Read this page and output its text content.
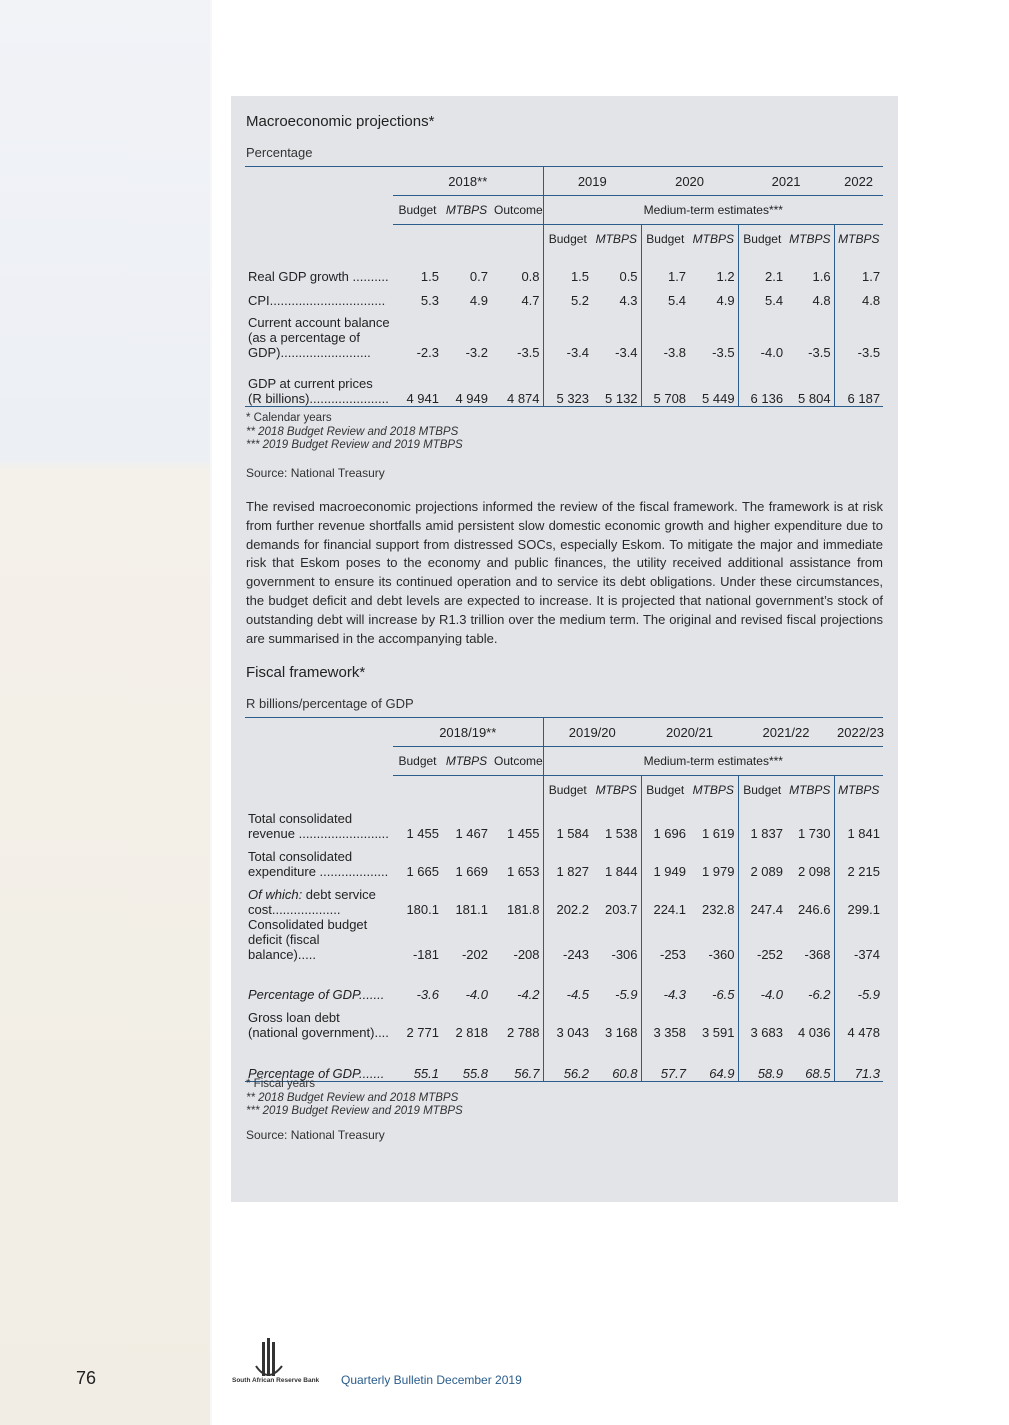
Macroeconomic projections*
Percentage
	2018**			2019		2020		2021		2022
	Budget	MTBPS	Outcome	Medium-term estimates***						
				Budget	MTBPS	Budget	MTBPS	Budget	MTBPS	MTBPS
Real GDP growth ..........	1.5	0.7	0.8	1.5	0.5	1.7	1.2	2.1	1.6	1.7
CPI................................	5.3	4.9	4.7	5.2	4.3	5.4	4.9	5.4	4.8	4.8
Current account balance (as a percentage of GDP).........................	-2.3	-3.2	-3.5	-3.4	-3.4	-3.8	-3.5	-4.0	-3.5	-3.5
GDP at current prices (R billions)......................	4 941	4 949	4 874	5 323	5 132	5 708	5 449	6 136	5 804	6 187
* Calendar years
** 2018 Budget Review and 2018 MTBPS
*** 2019 Budget Review and 2019 MTBPS
Source: National Treasury
The revised macroeconomic projections informed the review of the fiscal framework. The framework is at risk from further revenue shortfalls amid persistent slow domestic economic growth and higher expenditure due to demands for financial support from distressed SOCs, especially Eskom. To mitigate the major and immediate risk that Eskom poses to the economy and public finances, the utility received additional assistance from government to ensure its continued operation and to service its debt obligations. Under these circumstances, the budget deficit and debt levels are expected to increase. It is projected that national government’s stock of outstanding debt will increase by R1.3 trillion over the medium term. The original and revised fiscal projections are summarised in the accompanying table.
Fiscal framework*
R billions/percentage of GDP
	2018/19**			2019/20		2020/21		2021/22		2022/23
	Budget	MTBPS	Outcome	Medium-term estimates***						
				Budget	MTBPS	Budget	MTBPS	Budget	MTBPS	MTBPS
Total consolidated revenue .........................	1 455	1 467	1 455	1 584	1 538	1 696	1 619	1 837	1 730	1 841
Total consolidated expenditure ...................	1 665	1 669	1 653	1 827	1 844	1 949	1 979	2 089	2 098	2 215
Of which: debt service cost...................	180.1	181.1	181.8	202.2	203.7	224.1	232.8	247.4	246.6	299.1
Consolidated budget deficit (fiscal balance).....	-181	-202	-208	-243	-306	-253	-360	-252	-368	-374
Percentage of GDP.......	-3.6	-4.0	-4.2	-4.5	-5.9	-4.3	-6.5	-4.0	-6.2	-5.9
Gross loan debt (national government)....	2 771	2 818	2 788	3 043	3 168	3 358	3 591	3 683	4 036	4 478
Percentage of GDP.......	55.1	55.8	56.7	56.2	60.8	57.7	64.9	58.9	68.5	71.3
* Fiscal years
** 2018 Budget Review and 2018 MTBPS
*** 2019 Budget Review and 2019 MTBPS
Source: National Treasury
76	South African Reserve Bank Quarterly Bulletin December 2019
